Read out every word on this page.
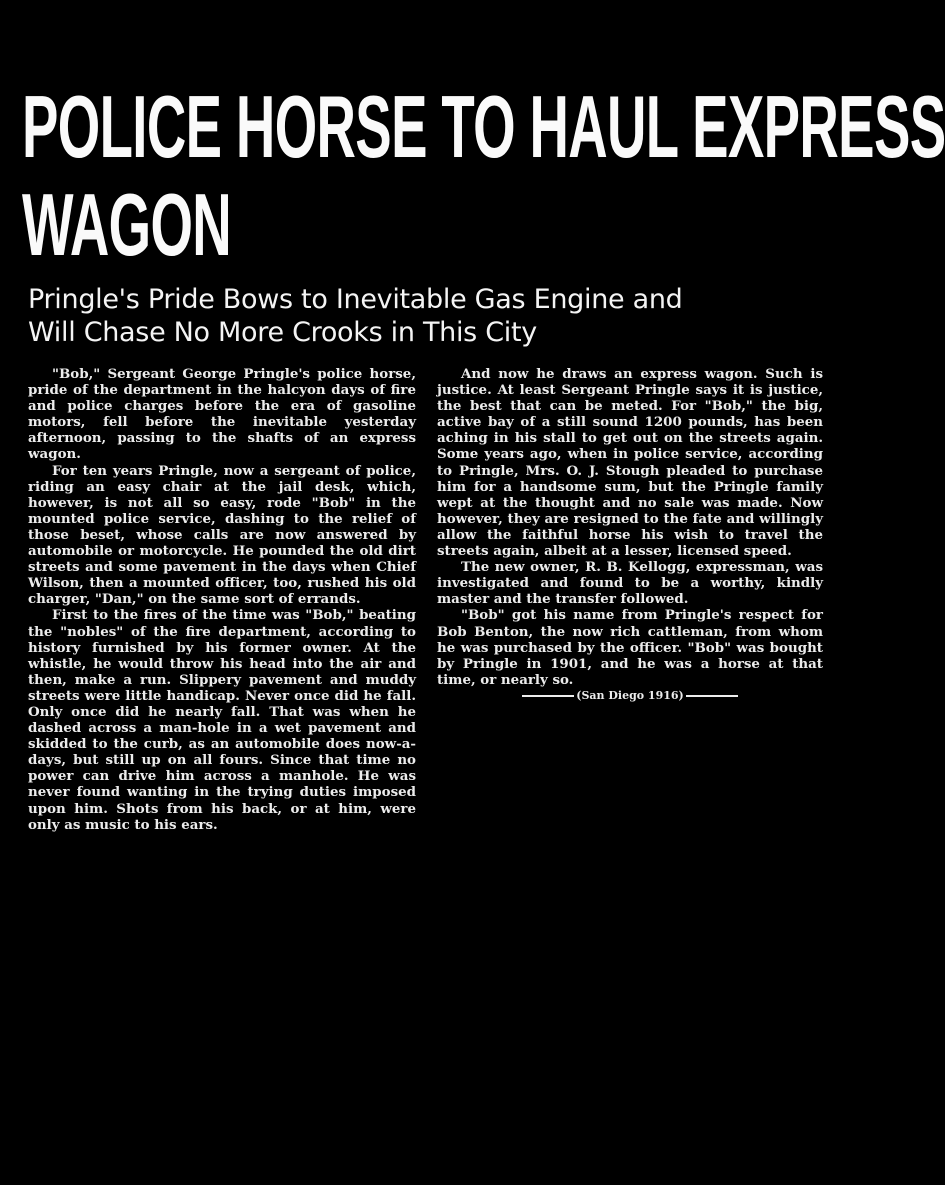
POLICE HORSE TO HAUL EXPRESS
WAGON
Pringle's Pride Bows to Inevitable Gas Engine and
Will Chase No More Crooks in This City

"Bob," Sergeant George Pringle's police horse, pride of the department in the halcyon days of fire and police charges before the era of gasoline motors, fell before the inevitable yesterday afternoon, passing to the shafts of an express wagon.

For ten years Pringle, now a sergeant of police, riding an easy chair at the jail desk, which, however, is not all so easy, rode "Bob" in the mounted police service, dashing to the relief of those beset, whose calls are now answered by automobile or motorcycle. He pounded the old dirt streets and some pavement in the days when Chief Wilson, then a mounted officer, too, rushed his old charger, "Dan," on the same sort of errands.

First to the fires of the time was "Bob," beating the "nobles" of the fire department, according to history furnished by his former owner. At the whistle, he would throw his head into the air and then, make a run. Slippery pavement and muddy streets were little handicap. Never once did he fall. Only once did he nearly fall. That was when he dashed across a man-hole in a wet pavement and skidded to the curb, as an automobile does now-a-days, but still up on all fours. Since that time no power can drive him across a manhole. He was never found wanting in the trying duties imposed upon him. Shots from his back, or at him, were only as music to his ears.

And now he draws an express wagon. Such is justice. At least Sergeant Pringle says it is justice, the best that can be meted. For "Bob," the big, active bay of a still sound 1200 pounds, has been aching in his stall to get out on the streets again. Some years ago, when in police service, according to Pringle, Mrs. O. J. Stough pleaded to purchase him for a handsome sum, but the Pringle family wept at the thought and no sale was made. Now however, they are resigned to the fate and willingly allow the faithful horse his wish to travel the streets again, albeit at a lesser, licensed speed.

The new owner, R. B. Kellogg, expressman, was investigated and found to be a worthy, kindly master and the transfer followed.

"Bob" got his name from Pringle's respect for Bob Benton, the now rich cattleman, from whom he was purchased by the officer. "Bob" was bought by Pringle in 1901, and he was a horse at that time, or nearly so.

(San Diego 1916)
